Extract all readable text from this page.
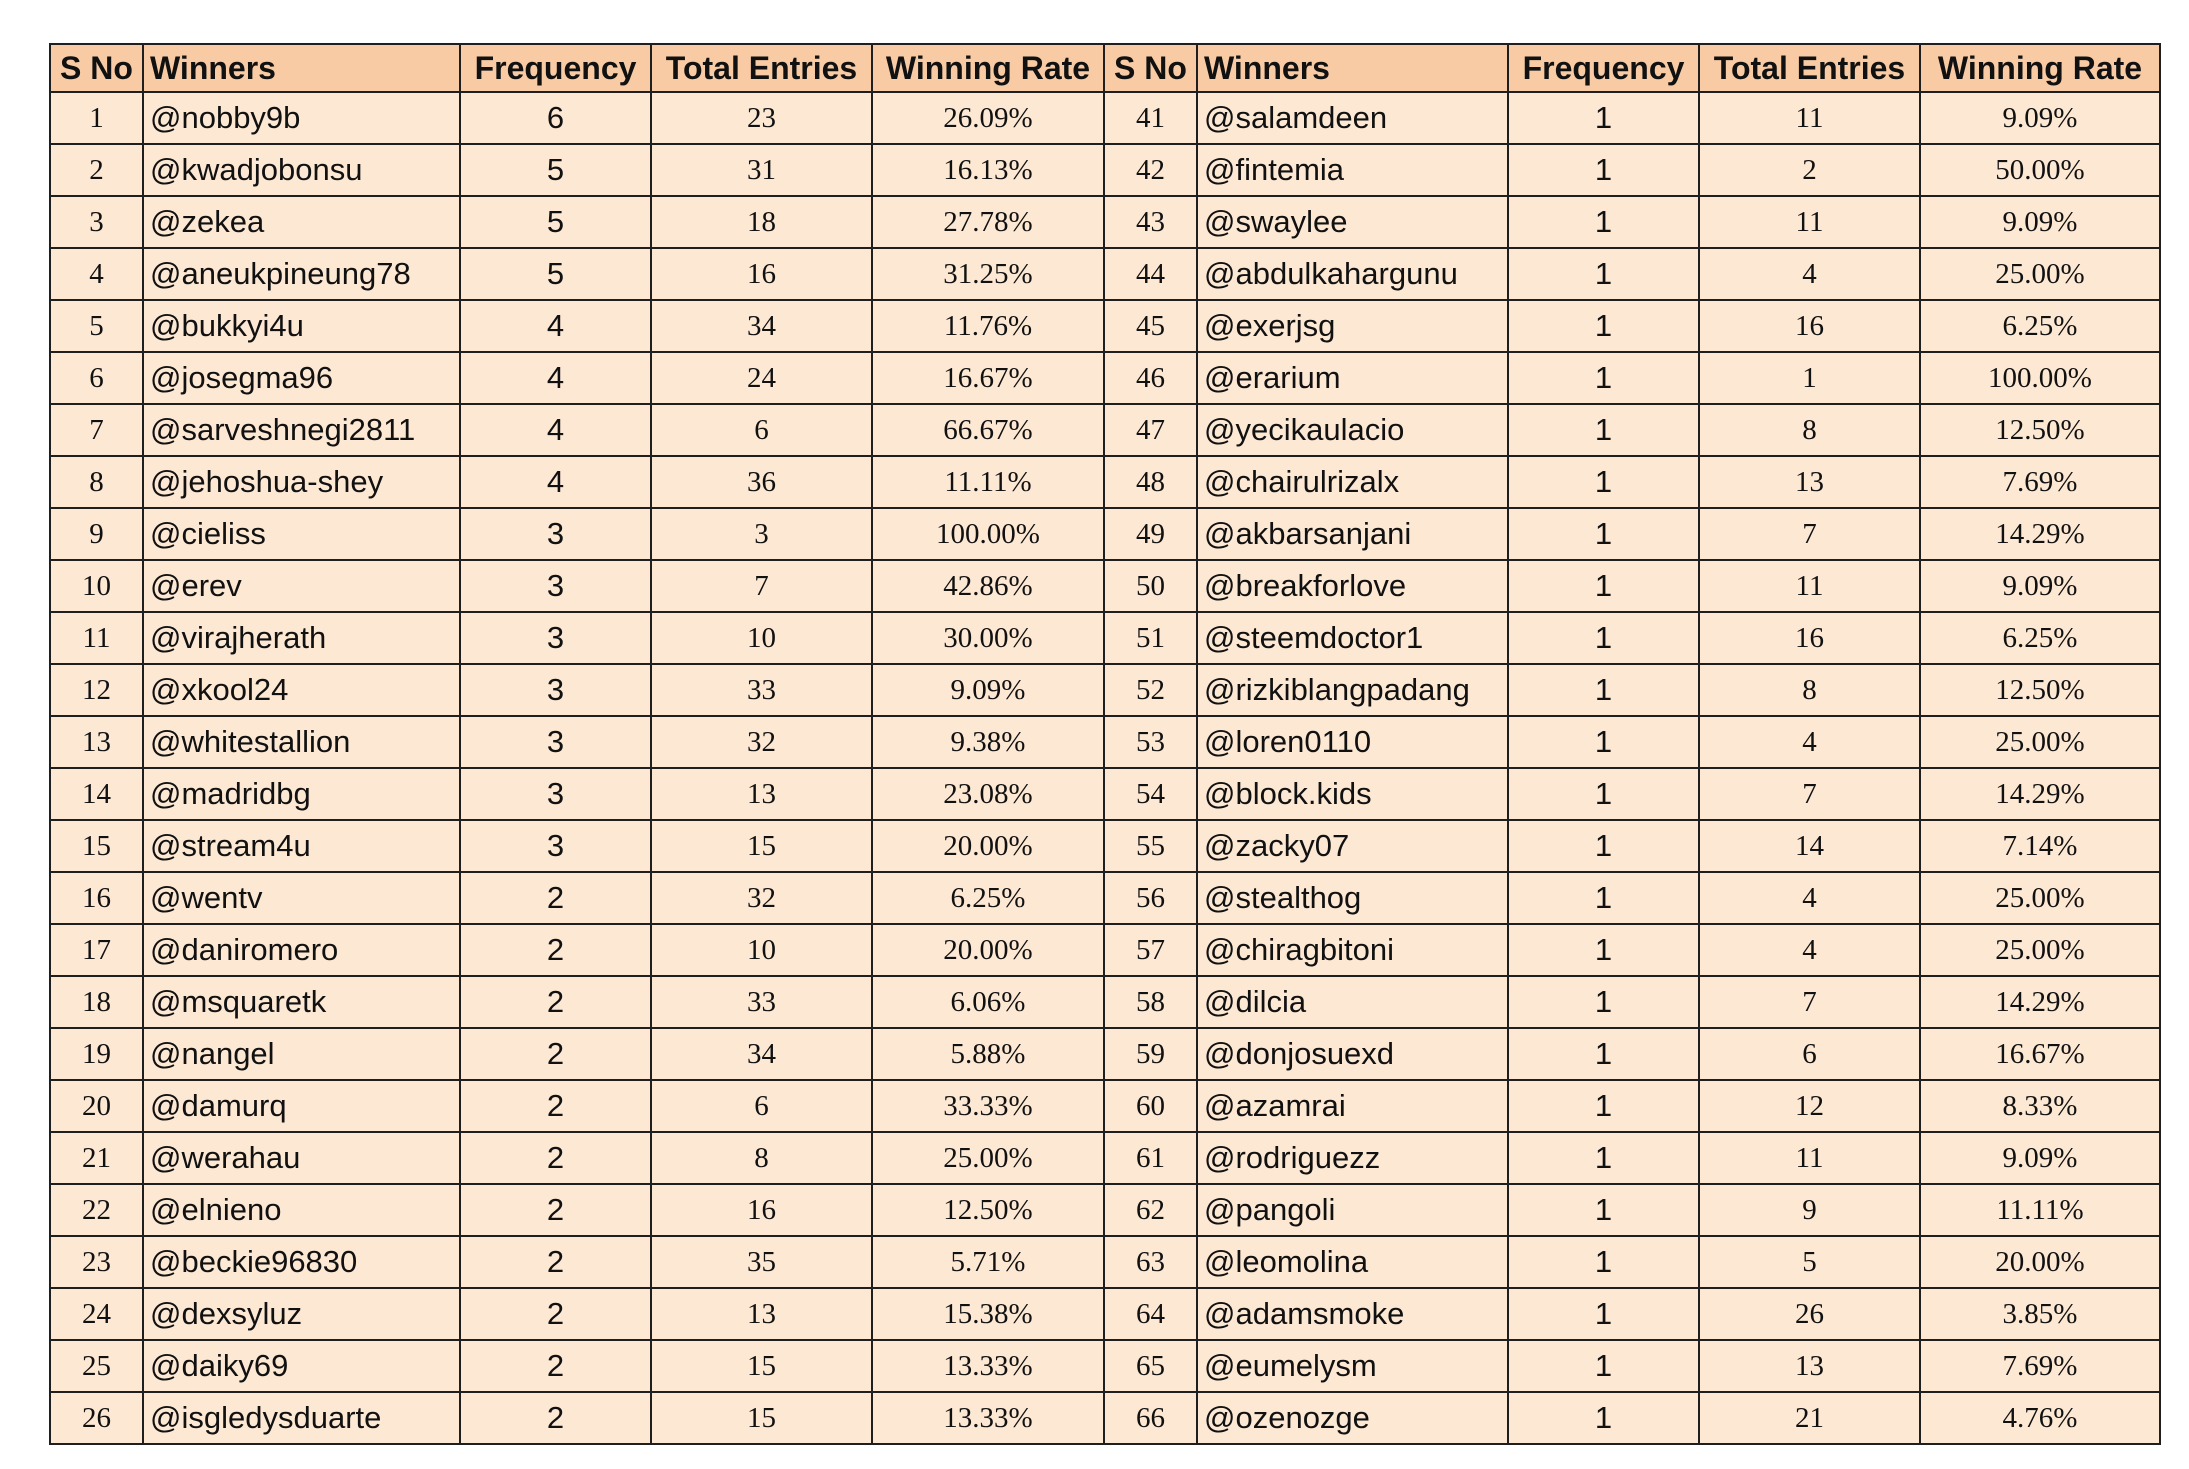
S No	Winners	Frequency	Total Entries	Winning Rate	S No	Winners	Frequency	Total Entries	Winning Rate
1	@nobby9b	6	23	26.09%	41	@salamdeen	1	11	9.09%
2	@kwadjobonsu	5	31	16.13%	42	@fintemia	1	2	50.00%
3	@zekea	5	18	27.78%	43	@swaylee	1	11	9.09%
4	@aneukpineung78	5	16	31.25%	44	@abdulkahargunu	1	4	25.00%
5	@bukkyi4u	4	34	11.76%	45	@exerjsg	1	16	6.25%
6	@josegma96	4	24	16.67%	46	@erarium	1	1	100.00%
7	@sarveshnegi2811	4	6	66.67%	47	@yecikaulacio	1	8	12.50%
8	@jehoshua-shey	4	36	11.11%	48	@chairulrizalx	1	13	7.69%
9	@cieliss	3	3	100.00%	49	@akbarsanjani	1	7	14.29%
10	@erev	3	7	42.86%	50	@breakforlove	1	11	9.09%
11	@virajherath	3	10	30.00%	51	@steemdoctor1	1	16	6.25%
12	@xkool24	3	33	9.09%	52	@rizkiblangpadang	1	8	12.50%
13	@whitestallion	3	32	9.38%	53	@loren0110	1	4	25.00%
14	@madridbg	3	13	23.08%	54	@block.kids	1	7	14.29%
15	@stream4u	3	15	20.00%	55	@zacky07	1	14	7.14%
16	@wentv	2	32	6.25%	56	@stealthog	1	4	25.00%
17	@daniromero	2	10	20.00%	57	@chiragbitoni	1	4	25.00%
18	@msquaretk	2	33	6.06%	58	@dilcia	1	7	14.29%
19	@nangel	2	34	5.88%	59	@donjosuexd	1	6	16.67%
20	@damurq	2	6	33.33%	60	@azamrai	1	12	8.33%
21	@werahau	2	8	25.00%	61	@rodriguezz	1	11	9.09%
22	@elnieno	2	16	12.50%	62	@pangoli	1	9	11.11%
23	@beckie96830	2	35	5.71%	63	@leomolina	1	5	20.00%
24	@dexsyluz	2	13	15.38%	64	@adamsmoke	1	26	3.85%
25	@daiky69	2	15	13.33%	65	@eumelysm	1	13	7.69%
26	@isgledysduarte	2	15	13.33%	66	@ozenozge	1	21	4.76%
